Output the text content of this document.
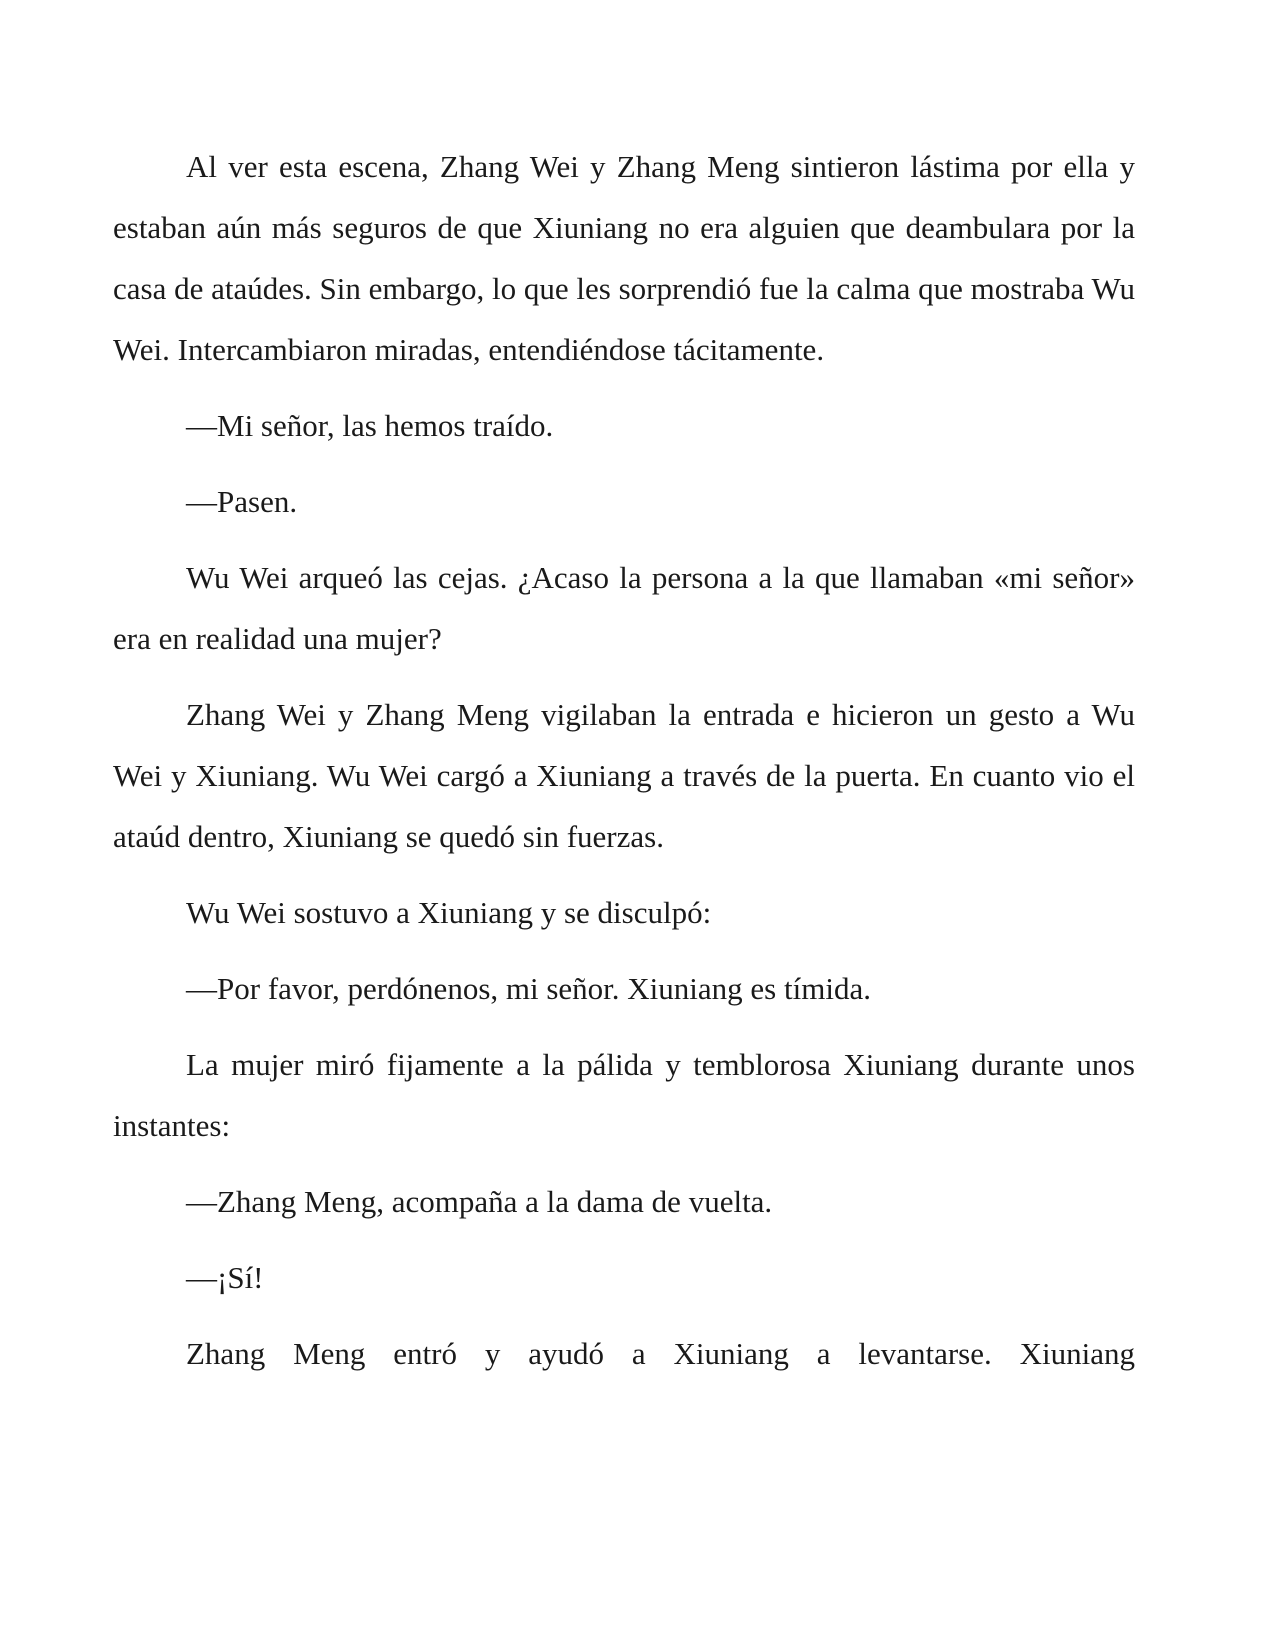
Al ver esta escena, Zhang Wei y Zhang Meng sintieron lástima por ella y estaban aún más seguros de que Xiuniang no era alguien que deambulara por la casa de ataúdes. Sin embargo, lo que les sorprendió fue la calma que mostraba Wu Wei. Intercambiaron miradas, entendiéndose tácitamente.

—Mi señor, las hemos traído.

—Pasen.

Wu Wei arqueó las cejas. ¿Acaso la persona a la que llamaban «mi señor» era en realidad una mujer?

Zhang Wei y Zhang Meng vigilaban la entrada e hicieron un gesto a Wu Wei y Xiuniang. Wu Wei cargó a Xiuniang a través de la puerta. En cuanto vio el ataúd dentro, Xiuniang se quedó sin fuerzas.

Wu Wei sostuvo a Xiuniang y se disculpó:

—Por favor, perdónenos, mi señor. Xiuniang es tímida.

La mujer miró fijamente a la pálida y temblorosa Xiuniang durante unos instantes:

—Zhang Meng, acompaña a la dama de vuelta.

—¡Sí!

Zhang Meng entró y ayudó a Xiuniang a levantarse. Xiuniang
